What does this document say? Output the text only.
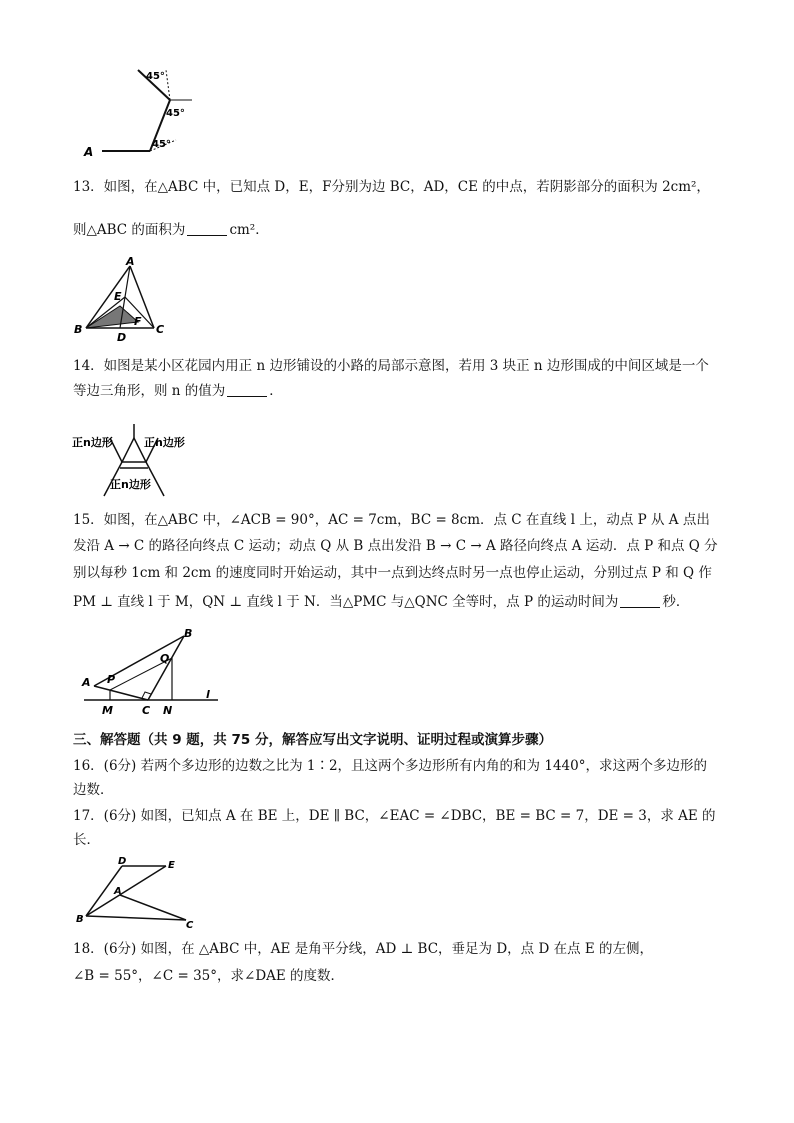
45°
45°
45°
A
13．如图，在△ABC 中，已知点 D，E，F分别为边 BC，AD，CE 的中点，若阴影部分的面积为 2cm²，
则△ABC 的面积为	cm²．
A
E
B
F
C
D
14．如图是某小区花园内用正 n 边形铺设的小路的局部示意图，若用 3 块正 n 边形围成的中间区域是一个
等边三角形，则 n 的值为	．
正n边形	正n边形
正n边形
15．如图，在△ABC 中，∠ACB = 90°，AC = 7cm，BC = 8cm．点 C 在直线 l 上，动点 P 从 A 点出
发沿 A → C 的路径向终点 C 运动；动点 Q 从 B 点出发沿 B → C → A 路径向终点 A 运动．点 P 和点 Q 分
别以每秒 1cm 和 2cm 的速度同时开始运动，其中一点到达终点时另一点也停止运动，分别过点 P 和 Q 作
PM ⊥ 直线 l 于 M，QN ⊥ 直线 l 于 N．当△PMC 与△QNC 全等时，点 P 的运动时间为	秒．
B
Q
A P
M	C N
l
三、解答题（共 9 题，共 75 分，解答应写出文字说明、证明过程或演算步骤）
16．(6分) 若两个多边形的边数之比为 1∶2，且这两个多边形所有内角的和为 1440°，求这两个多边形的
边数．
17．(6分) 如图，已知点 A 在 BE 上，DE ∥ BC，∠EAC = ∠DBC，BE = BC = 7，DE = 3，求 AE 的
长．
D	E
A
B
C
18．(6分) 如图，在 △ABC 中，AE 是角平分线，AD ⊥ BC，垂足为 D，点 D 在点 E 的左侧，
∠B = 55°，∠C = 35°，求∠DAE 的度数．
